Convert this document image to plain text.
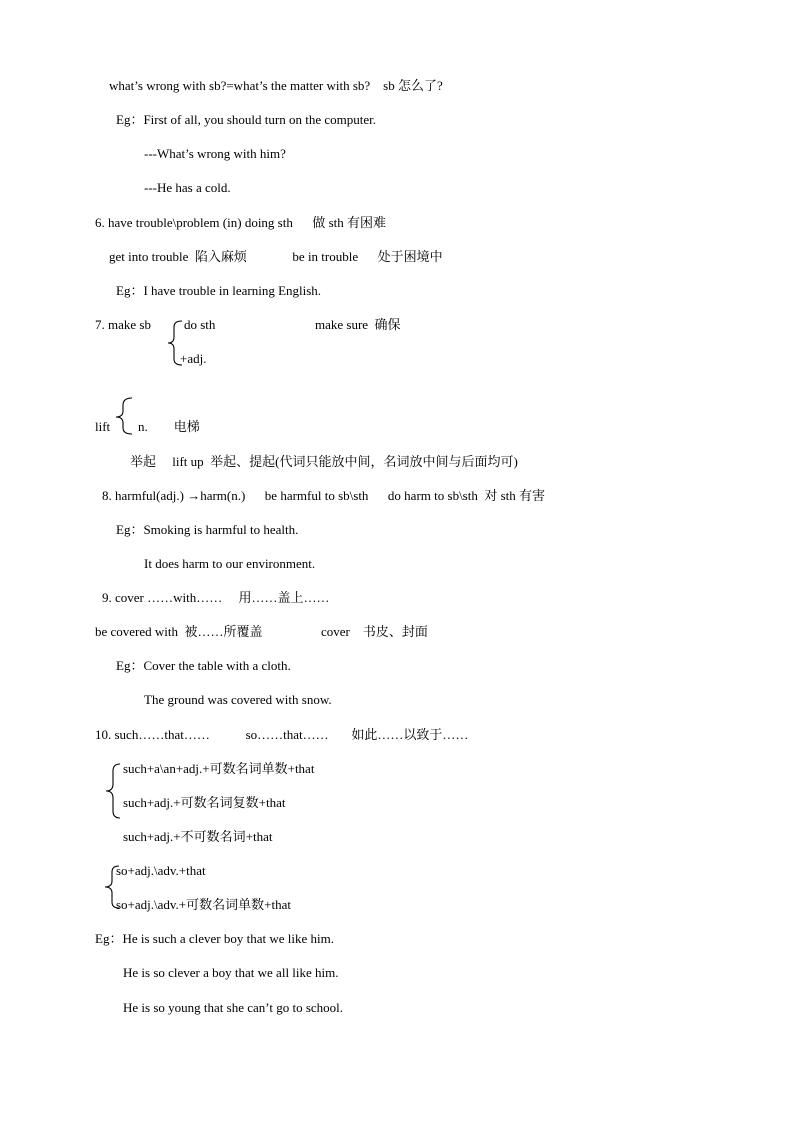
what’s wrong with sb?=what’s the matter with sb?    sb 怎么了?
Eg：First of all, you should turn on the computer.
---What’s wrong with him?
---He has a cold.
6. have trouble\problem (in) doing sth      做 sth 有困难
get into trouble  陷入麻烦              be in trouble      处于困境中
Eg：I have trouble in learning English.
7. make sb	do sth	make sure  确保
+adj.
lift n.        电梯
举起     lift up  举起、提起(代词只能放中间，名词放中间与后面均可)
8. harmful(adj.) →harm(n.)      be harmful to sb\sth      do harm to sb\sth  对 sth 有害
Eg：Smoking is harmful to health.
It does harm to our environment.
9. cover ……with……     用……盖上……
be covered with  被……所覆盖                  cover    书皮、封面
Eg：Cover the table with a cloth.
The ground was covered with snow.
10. such……that……           so……that……       如此……以致于……
such+a\an+adj.+可数名词单数+that
such+adj.+可数名词复数+that
such+adj.+不可数名词+that
so+adj.\adv.+that
so+adj.\adv.+可数名词单数+that
Eg：He is such a clever boy that we like him.
He is so clever a boy that we all like him.
He is so young that she can’t go to school.
